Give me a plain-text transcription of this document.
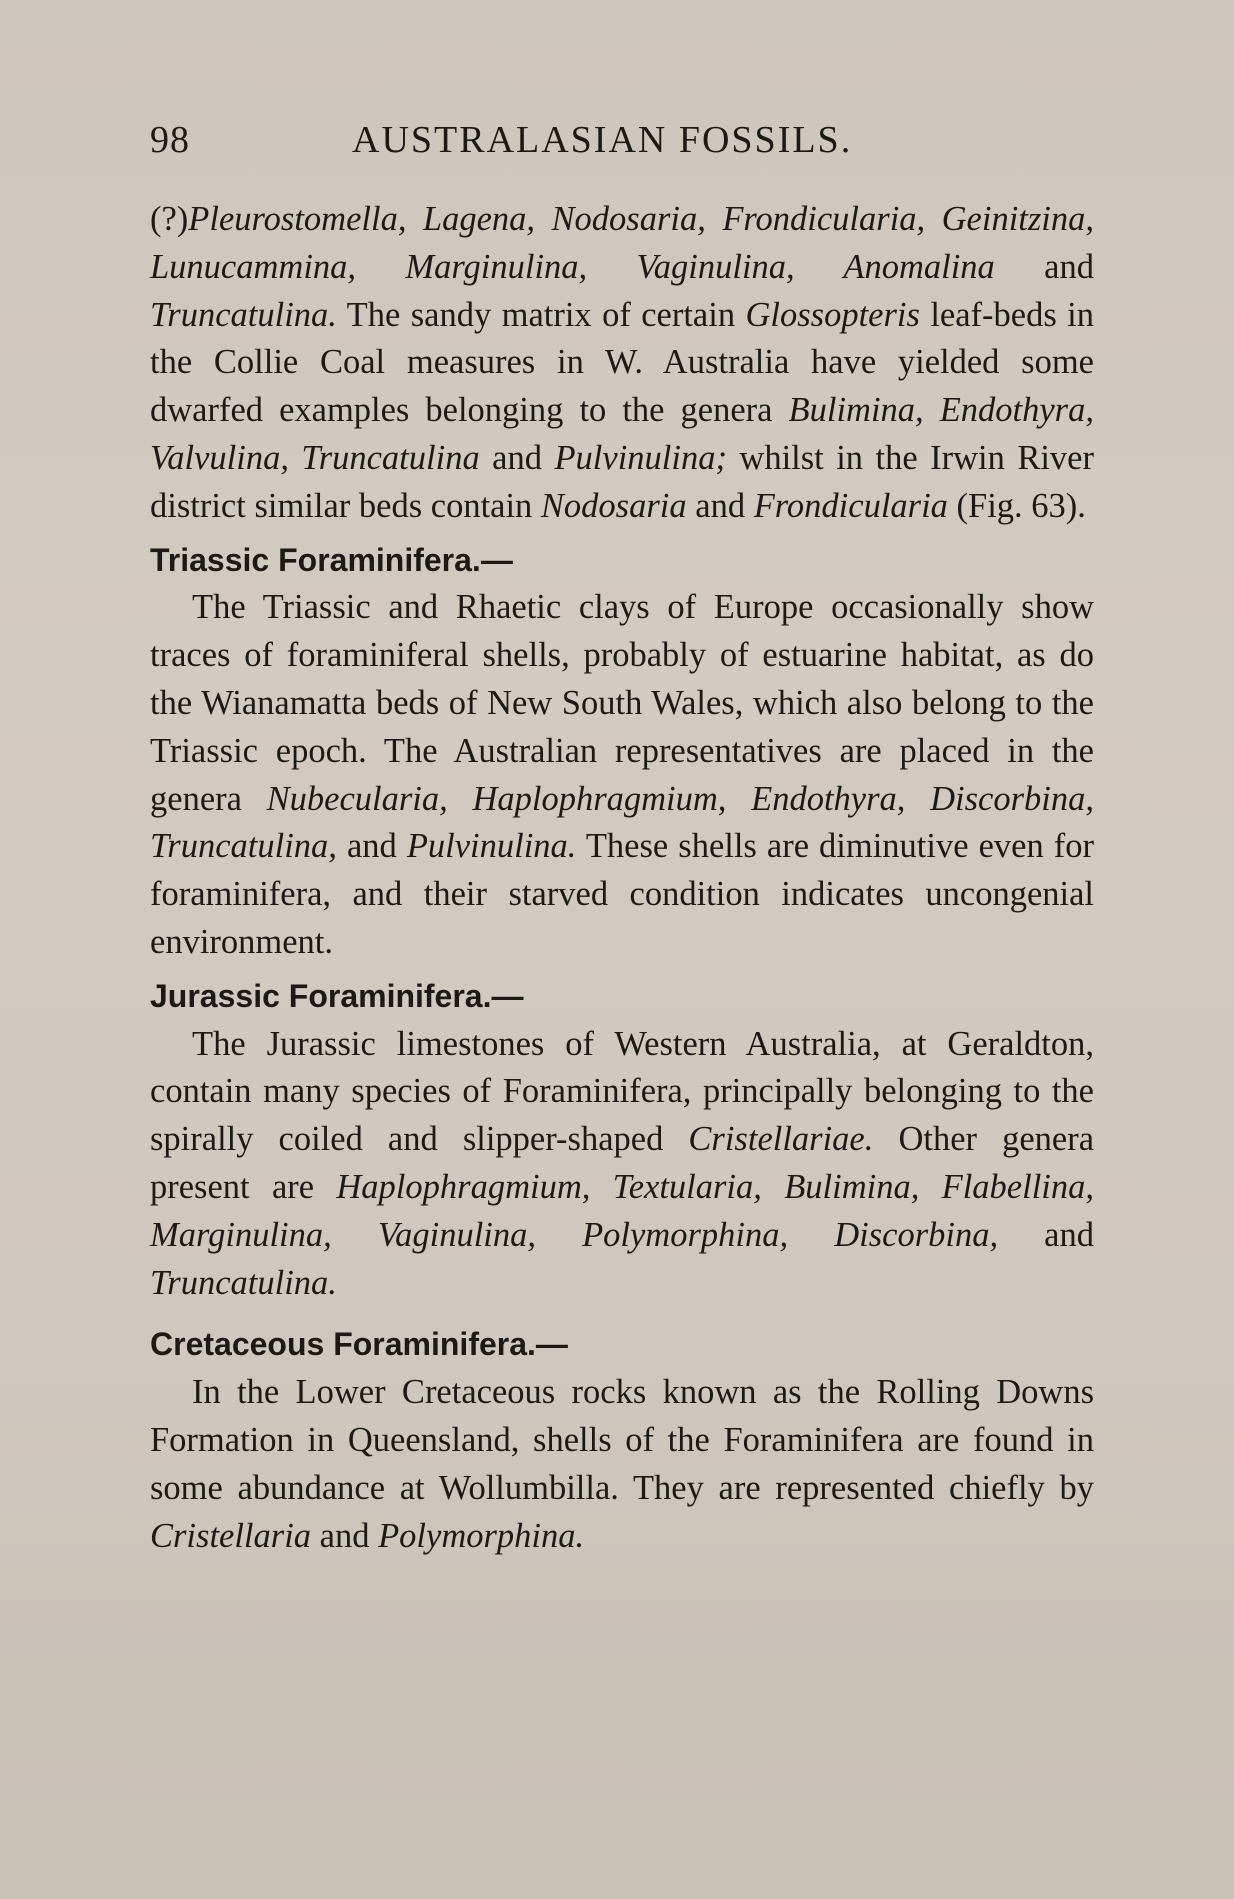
98	AUSTRALASIAN FOSSILS.

(?)Pleurostomella, Lagena, Nodosaria, Frondicularia, Geinitzina, Lunucammina, Marginulina, Vaginulina, Anomalina and Truncatulina. The sandy matrix of certain Glossopteris leaf-beds in the Collie Coal measures in W. Australia have yielded some dwarfed examples belonging to the genera Bulimina, Endothyra, Valvulina, Truncatulina and Pulvinulina; whilst in the Irwin River district similar beds contain Nodosaria and Frondicularia (Fig. 63).

Triassic Foraminifera.—

The Triassic and Rhaetic clays of Europe occasionally show traces of foraminiferal shells, probably of estuarine habitat, as do the Wianamatta beds of New South Wales, which also belong to the Triassic epoch. The Australian representatives are placed in the genera Nubecularia, Haplophragmium, Endothyra, Discorbina, Truncatulina, and Pulvinulina. These shells are diminutive even for foraminifera, and their starved condition indicates uncongenial environment.

Jurassic Foraminifera.—

The Jurassic limestones of Western Australia, at Geraldton, contain many species of Foraminifera, principally belonging to the spirally coiled and slipper-shaped Cristellariae. Other genera present are Haplophragmium, Textularia, Bulimina, Flabellina, Marginulina, Vaginulina, Polymorphina, Discorbina, and Truncatulina.

Cretaceous Foraminifera.—

In the Lower Cretaceous rocks known as the Rolling Downs Formation in Queensland, shells of the Foraminifera are found in some abundance at Wollumbilla. They are represented chiefly by Cristellaria and Polymorphina.
